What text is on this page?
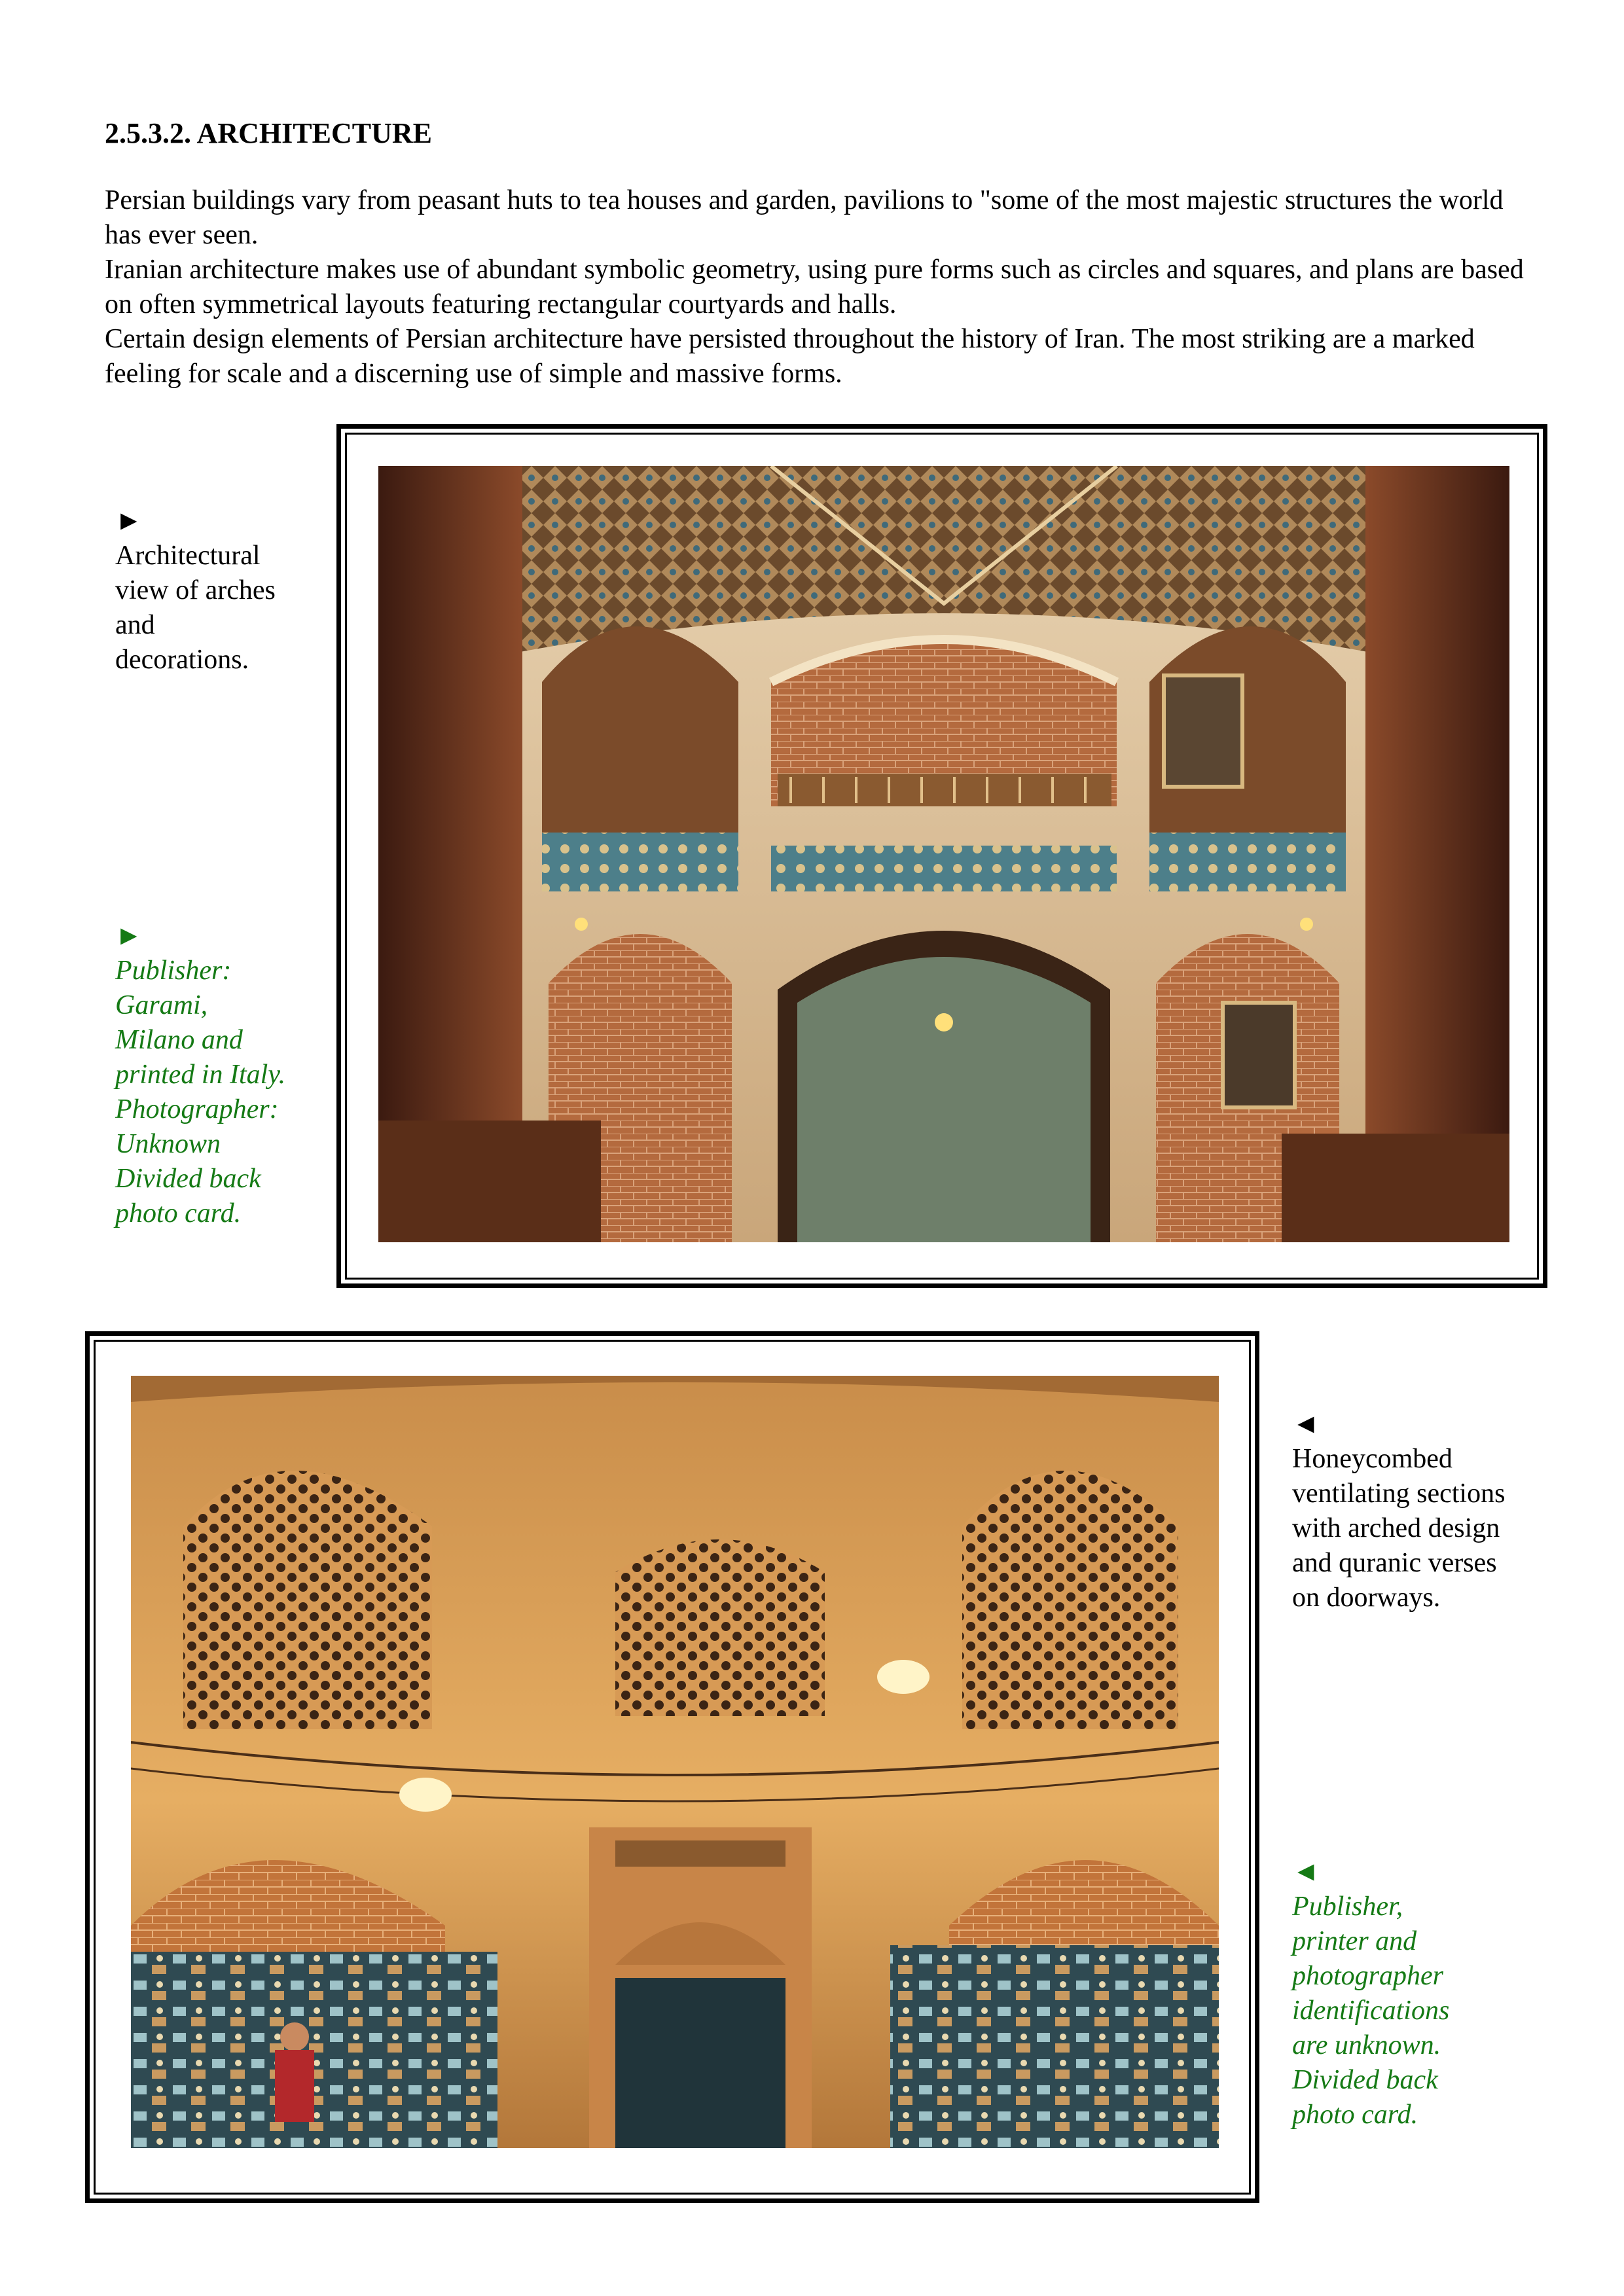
2.5.3.2. ARCHITECTURE

Persian buildings vary from peasant huts to tea houses and garden, pavilions to "some of the most majestic structures the world has ever seen.

Iranian architecture makes use of abundant symbolic geometry, using pure forms such as circles and squares, and plans are based on often symmetrical layouts featuring rectangular courtyards and halls.

Certain design elements of Persian architecture have persisted throughout the history of Iran. The most striking are a marked feeling for scale and a discerning use of simple and massive forms.

►
Architectural
view of arches
and
decorations.
►
Publisher:
Garami,
Milano and
printed in Italy.
Photographer:
Unknown
Divided back
photo card.
◄
Honeycombed
ventilating sections
with arched design
and quranic verses
on doorways.
◄
Publisher,
printer and
photographer
identifications
are unknown.
Divided back
photo card.
